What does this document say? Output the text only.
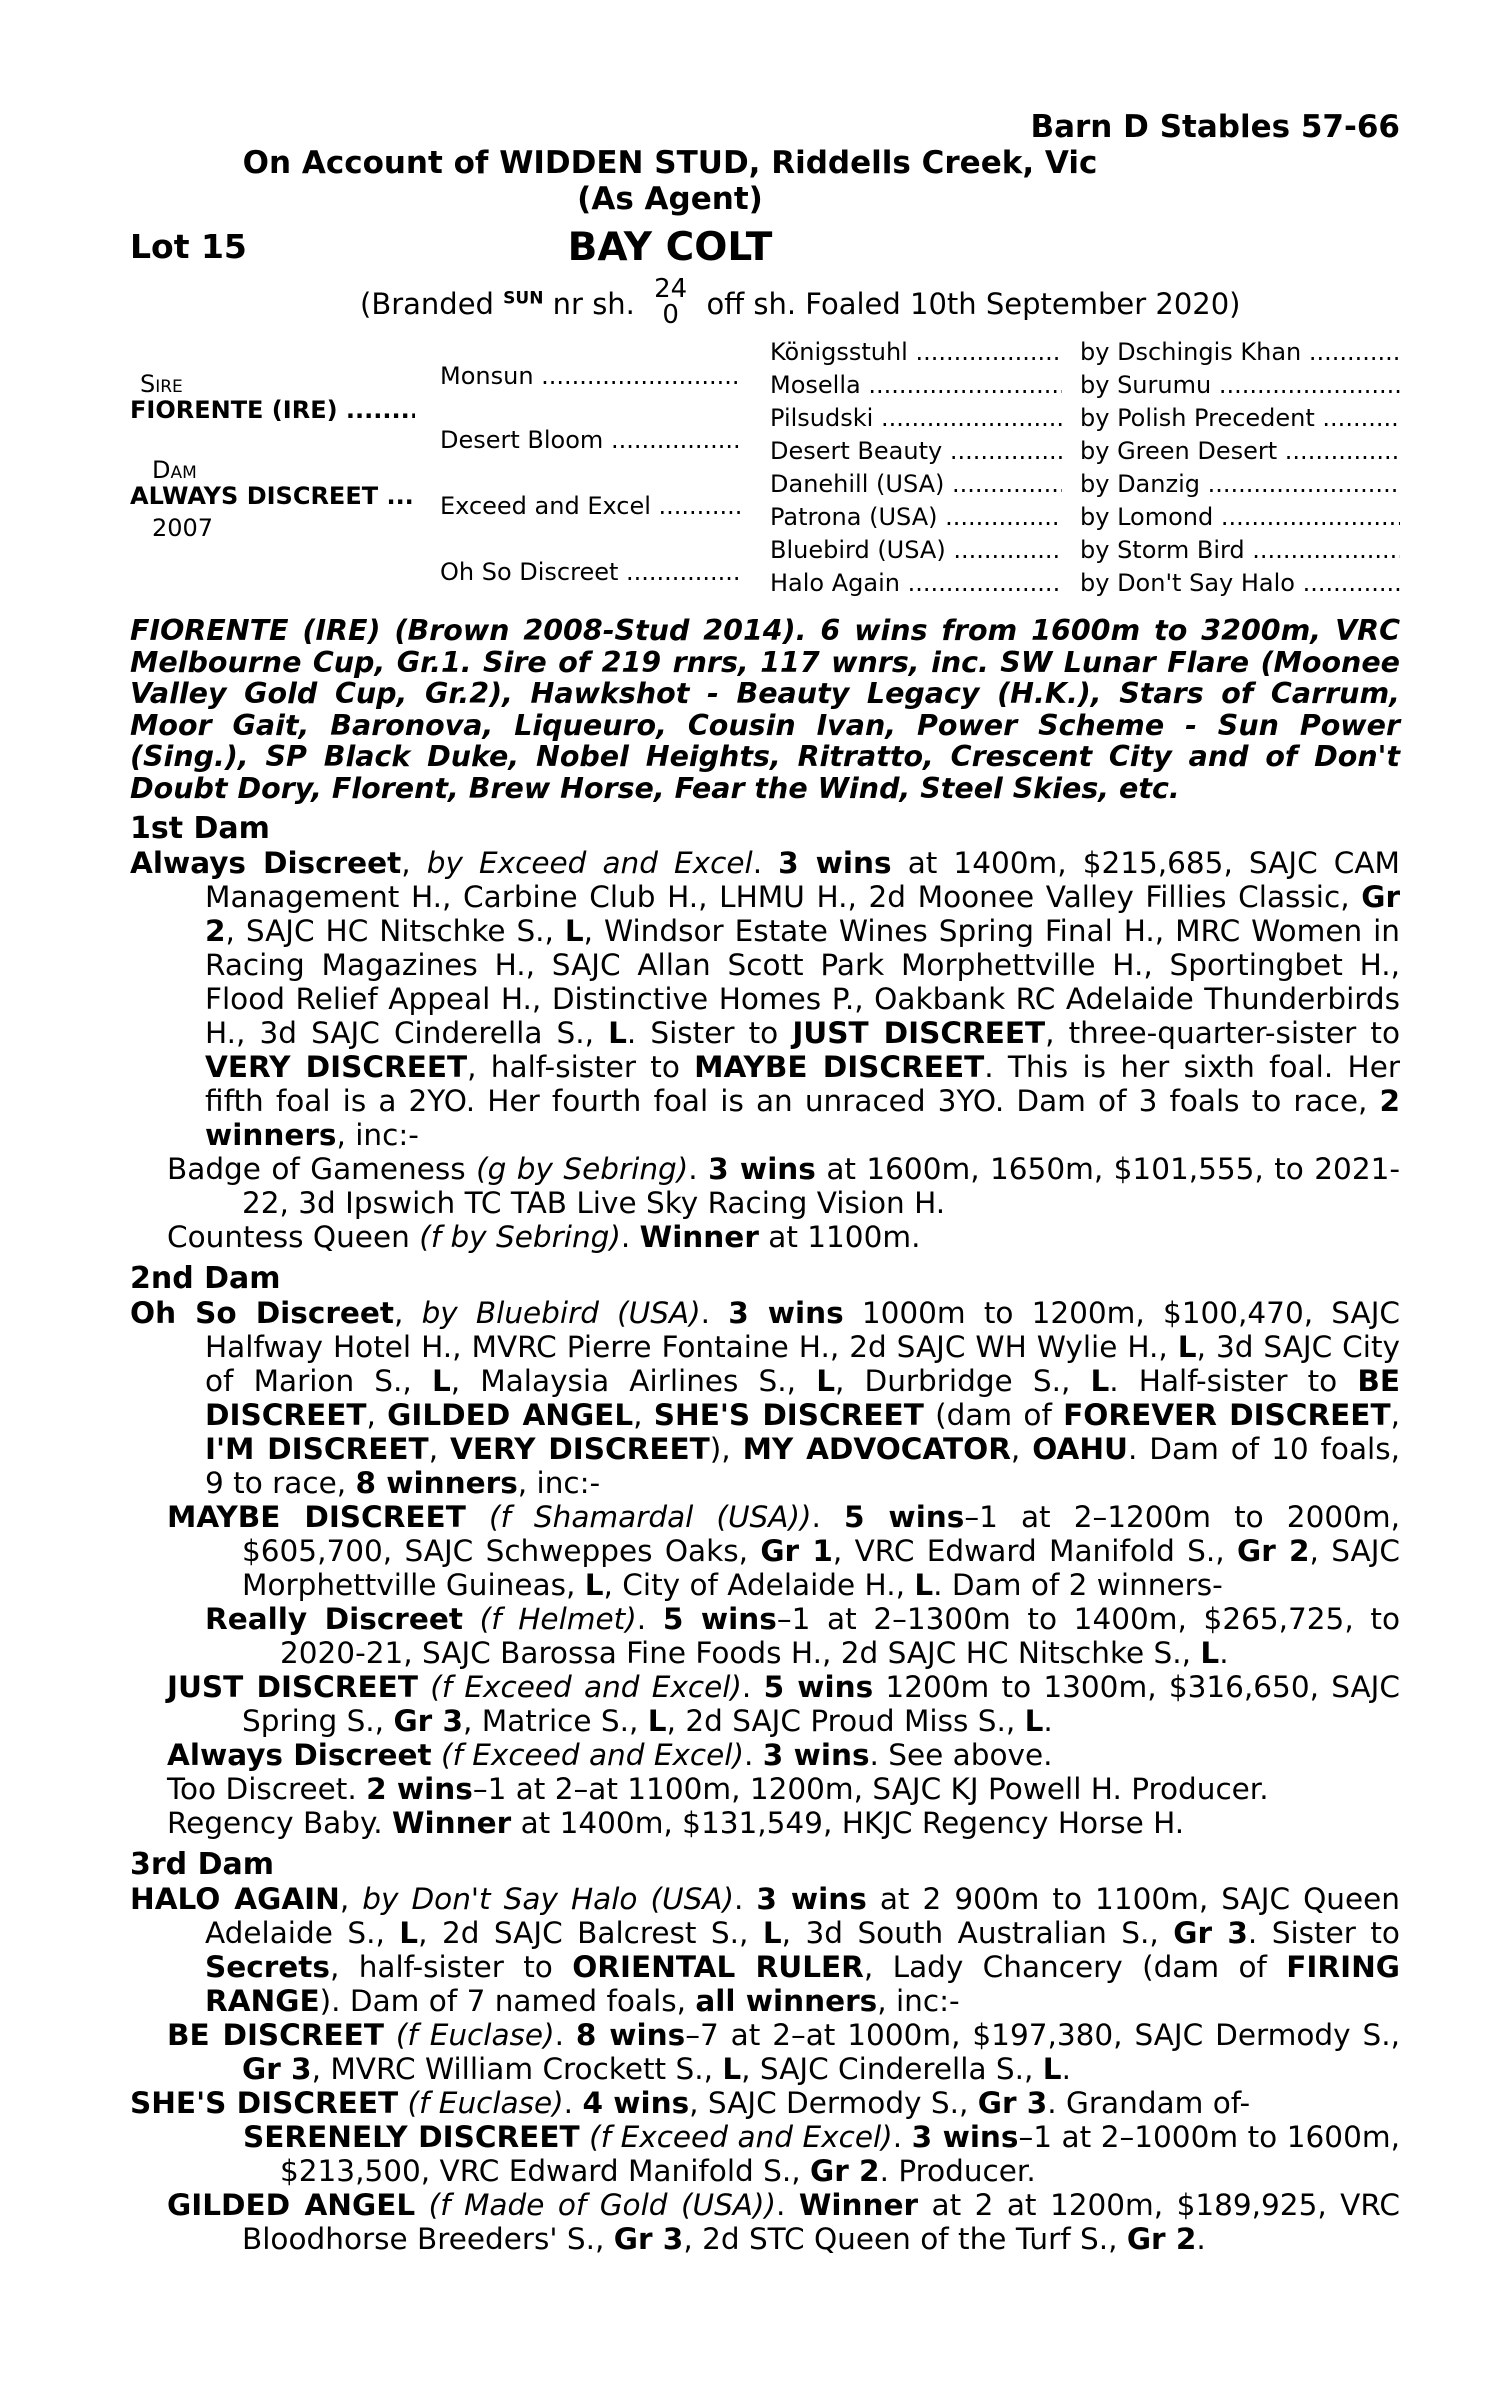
Barn D Stables 57-66
On Account of WIDDEN STUD, Riddells Creek, Vic
(As Agent)
Lot 15	BAY COLT
(Branded $^{SUN}$ nr sh. 24
0 off sh. Foaled 10th September 2020)
Sire
FIORENTE (IRE) .....
Dam
ALWAYS DISCREET .....
2007
Monsun .....
Desert Bloom .....
Exceed and Excel .....
Oh So Discreet .....
Königsstuhl .....
Mosella .....
Pilsudski .....
Desert Beauty .....
Danehill (USA) .....
Patrona (USA) .....
Bluebird (USA) .....
Halo Again .....
by Dschingis Khan .....
by Surumu .....
by Polish Precedent .....
by Green Desert .....
by Danzig .....
by Lomond .....
by Storm Bird .....
by Don't Say Halo .....

FIORENTE (IRE) (Brown 2008-Stud 2014). 6 wins from 1600m to 3200m, VRC Melbourne Cup, Gr.1. Sire of 219 rnrs, 117 wnrs, inc. SW Lunar Flare (Moonee Valley Gold Cup, Gr.2), Hawkshot - Beauty Legacy (H.K.), Stars of Carrum, Moor Gait, Baronova, Liqueuro, Cousin Ivan, Power Scheme - Sun Power (Sing.), SP Black Duke, Nobel Heights, Ritratto, Crescent City and of Don't Doubt Dory, Florent, Brew Horse, Fear the Wind, Steel Skies, etc.

1st Dam

Always Discreet, by Exceed and Excel. 3 wins at 1400m, $215,685, SAJC CAM Management H., Carbine Club H., LHMU H., 2d Moonee Valley Fillies Classic, Gr 2, SAJC HC Nitschke S., L, Windsor Estate Wines Spring Final H., MRC Women in Racing Magazines H., SAJC Allan Scott Park Morphettville H., Sportingbet H., Flood Relief Appeal H., Distinctive Homes P., Oakbank RC Adelaide Thunderbirds H., 3d SAJC Cinderella S., L. Sister to JUST DISCREET, three-quarter-sister to VERY DISCREET, half-sister to MAYBE DISCREET. This is her sixth foal. Her fifth foal is a 2YO. Her fourth foal is an unraced 3YO. Dam of 3 foals to race, 2 winners, inc:-

Badge of Gameness (g by Sebring). 3 wins at 1600m, 1650m, $101,555, to 2021-22, 3d Ipswich TC TAB Live Sky Racing Vision H.

Countess Queen (f by Sebring). Winner at 1100m.

2nd Dam

Oh So Discreet, by Bluebird (USA). 3 wins 1000m to 1200m, $100,470, SAJC Halfway Hotel H., MVRC Pierre Fontaine H., 2d SAJC WH Wylie H., L, 3d SAJC City of Marion S., L, Malaysia Airlines S., L, Durbridge S., L. Half-sister to BE DISCREET, GILDED ANGEL, SHE'S DISCREET (dam of FOREVER DISCREET, I'M DISCREET, VERY DISCREET), MY ADVOCATOR, OAHU. Dam of 10 foals, 9 to race, 8 winners, inc:-

MAYBE DISCREET (f Shamardal (USA)). 5 wins–1 at 2–1200m to 2000m, $605,700, SAJC Schweppes Oaks, Gr 1, VRC Edward Manifold S., Gr 2, SAJC Morphettville Guineas, L, City of Adelaide H., L. Dam of 2 winners-

Really Discreet (f Helmet). 5 wins–1 at 2–1300m to 1400m, $265,725, to 2020-21, SAJC Barossa Fine Foods H., 2d SAJC HC Nitschke S., L.

JUST DISCREET (f Exceed and Excel). 5 wins 1200m to 1300m, $316,650, SAJC Spring S., Gr 3, Matrice S., L, 2d SAJC Proud Miss S., L.

Always Discreet (f Exceed and Excel). 3 wins. See above.

Too Discreet. 2 wins–1 at 2–at 1100m, 1200m, SAJC KJ Powell H. Producer.

Regency Baby. Winner at 1400m, $131,549, HKJC Regency Horse H.

3rd Dam

HALO AGAIN, by Don't Say Halo (USA). 3 wins at 2 900m to 1100m, SAJC Queen Adelaide S., L, 2d SAJC Balcrest S., L, 3d South Australian S., Gr 3. Sister to Secrets, half-sister to ORIENTAL RULER, Lady Chancery (dam of FIRING RANGE). Dam of 7 named foals, all winners, inc:-

BE DISCREET (f Euclase). 8 wins–7 at 2–at 1000m, $197,380, SAJC Dermody S., Gr 3, MVRC William Crockett S., L, SAJC Cinderella S., L.

SHE'S DISCREET (f Euclase). 4 wins, SAJC Dermody S., Gr 3. Grandam of-

SERENELY DISCREET (f Exceed and Excel). 3 wins–1 at 2–1000m to 1600m, $213,500, VRC Edward Manifold S., Gr 2. Producer.

GILDED ANGEL (f Made of Gold (USA)). Winner at 2 at 1200m, $189,925, VRC Bloodhorse Breeders' S., Gr 3, 2d STC Queen of the Turf S., Gr 2.
